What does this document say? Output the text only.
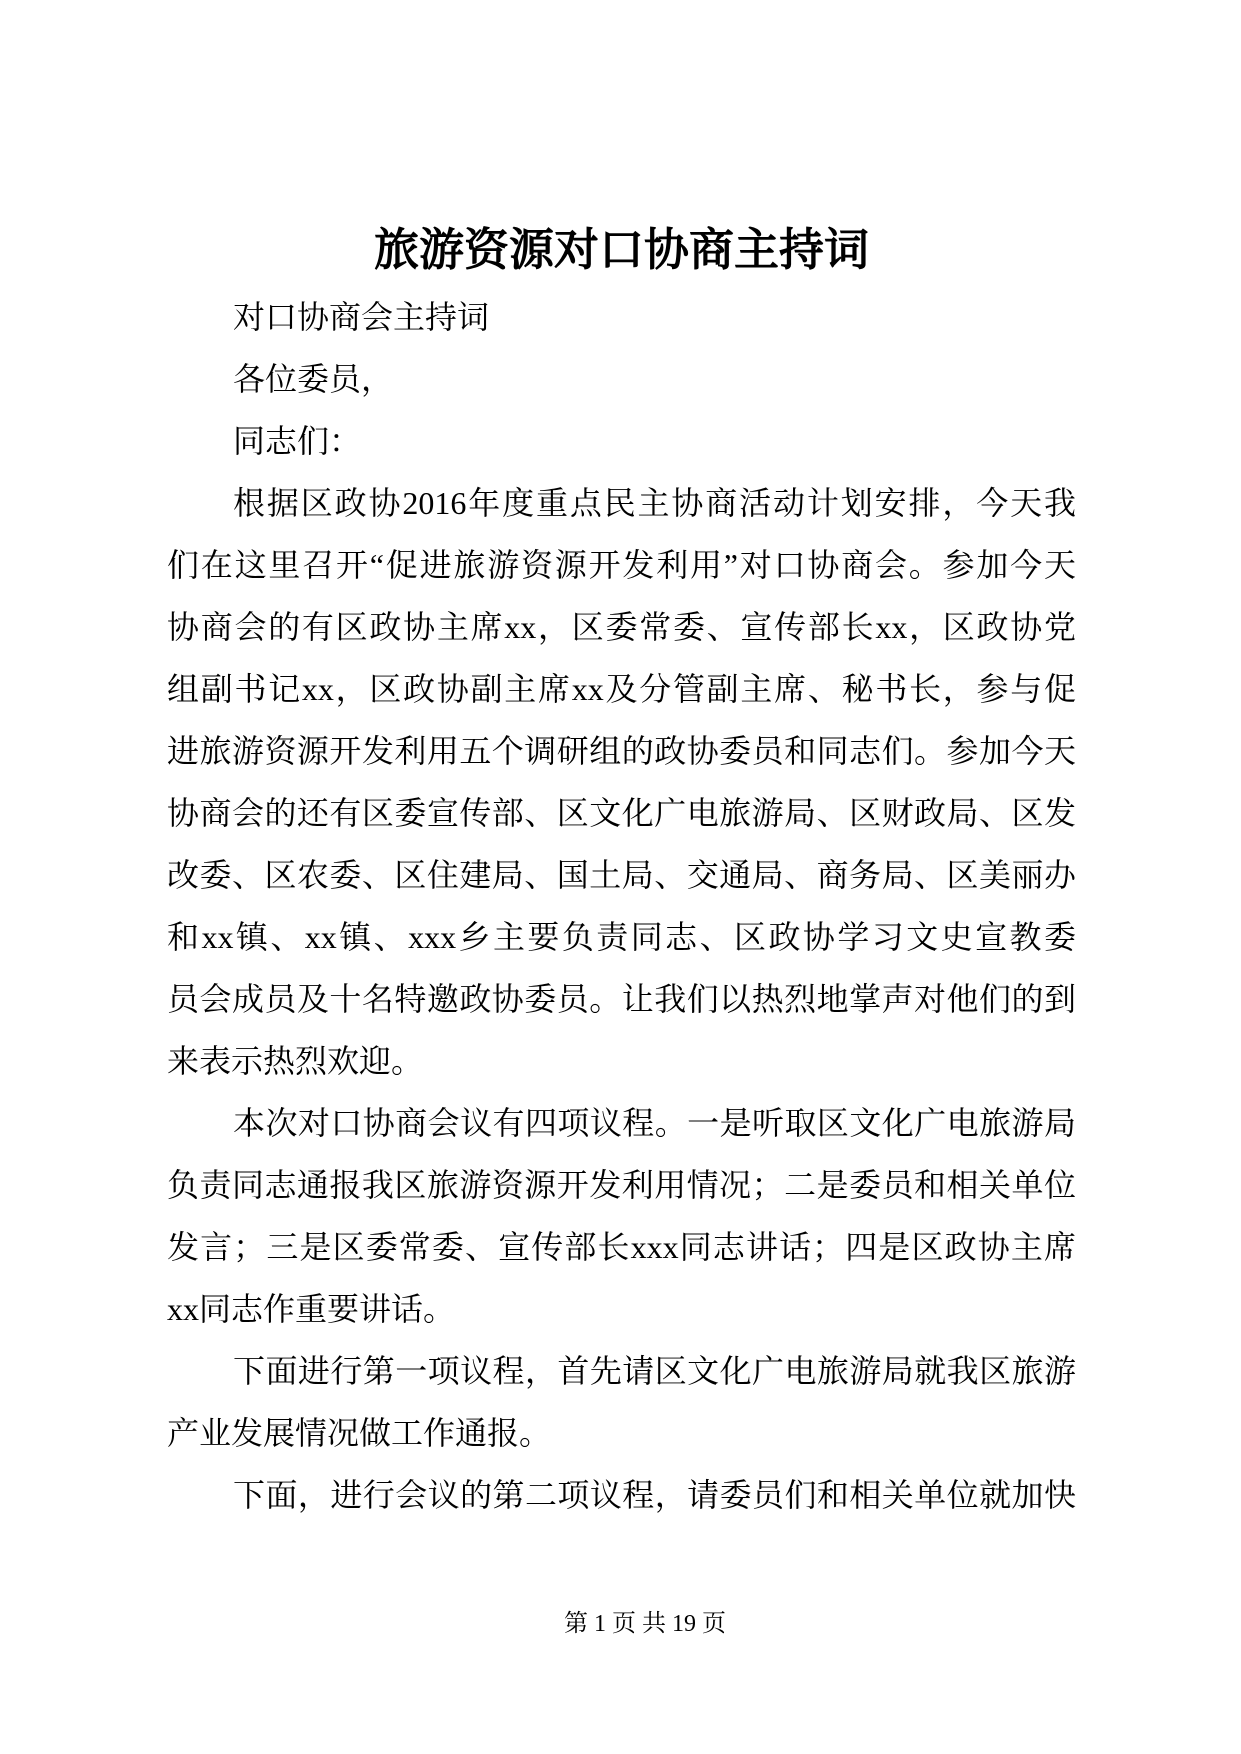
旅游资源对口协商主持词
对口协商会主持词
各位委员，
同志们：
根据区政协2016年度重点民主协商活动计划安排，今天我
们在这里召开“促进旅游资源开发利用”对口协商会。参加今天
协商会的有区政协主席xx，区委常委、宣传部长xx，区政协党
组副书记xx，区政协副主席xx及分管副主席、秘书长，参与促
进旅游资源开发利用五个调研组的政协委员和同志们。参加今天
协商会的还有区委宣传部、区文化广电旅游局、区财政局、区发
改委、区农委、区住建局、国土局、交通局、商务局、区美丽办
和xx镇、xx镇、xxx乡主要负责同志、区政协学习文史宣教委
员会成员及十名特邀政协委员。让我们以热烈地掌声对他们的到
来表示热烈欢迎。
本次对口协商会议有四项议程。一是听取区文化广电旅游局
负责同志通报我区旅游资源开发利用情况；二是委员和相关单位
发言；三是区委常委、宣传部长xxx同志讲话；四是区政协主席
xx同志作重要讲话。
下面进行第一项议程，首先请区文化广电旅游局就我区旅游
产业发展情况做工作通报。
下面，进行会议的第二项议程，请委员们和相关单位就加快
第 1 页 共 19 页
